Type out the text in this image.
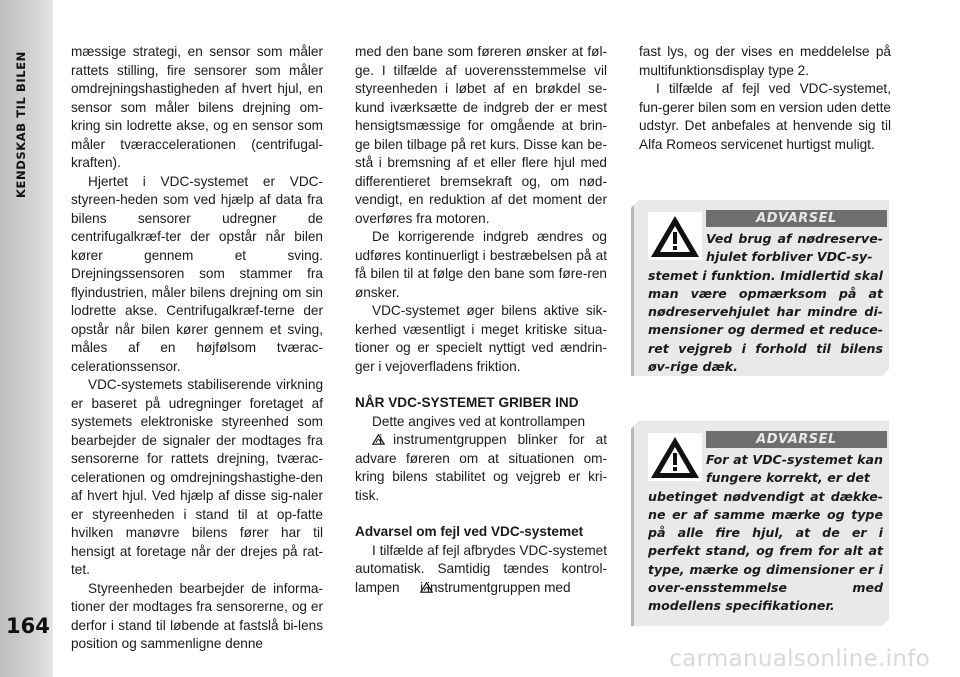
KENDSKAB TIL BILEN
164

mæssige strategi, en sensor som måler rattets stilling, fire sensorer som måler omdrejningshastigheden af hvert hjul, en sensor som måler bilens drejning om-kring sin lodrette akse, og en sensor som måler tværaccelerationen (centrifugal-kraften).

Hjertet i VDC-systemet er VDC-styreen-heden som ved hjælp af data fra bilens sensorer udregner de centrifugalkræf-ter der opstår når bilen kører gennem et sving. Drejningssensoren som stammer fra flyindustrien, måler bilens drejning om sin lodrette akse. Centrifugalkræf-terne der opstår når bilen kører gennem et sving, måles af en højfølsom tværac-celerationssensor.

VDC-systemets stabiliserende virkning er baseret på udregninger foretaget af systemets elektroniske styreenhed som bearbejder de signaler der modtages fra sensorerne for rattets drejning, tværac-celerationen og omdrejningshastighe-den af hvert hjul. Ved hjælp af disse sig-naler er styreenheden i stand til at op-fatte hvilken manøvre bilens fører har til hensigt at foretage når der drejes på rat-tet.

Styreenheden bearbejder de informa-tioner der modtages fra sensorerne, og er derfor i stand til løbende at fastslå bi-lens position og sammenligne denne

med den bane som føreren ønsker at føl-ge. I tilfælde af uoverensstemmelse vil styreenheden i løbet af en brøkdel se-kund iværksætte de indgreb der er mest hensigtsmæssige for omgående at brin-ge bilen tilbage på ret kurs. Disse kan be-stå i bremsning af et eller flere hjul med differentieret bremsekraft og, om nød-vendigt, en reduktion af det moment der overføres fra motoren.

De korrigerende indgreb ændres og udføres kontinuerligt i bestræbelsen på at få bilen til at følge den bane som føre-ren ønsker.

VDC-systemet øger bilens aktive sik-kerhed væsentligt i meget kritiske situa-tioner og er specielt nyttigt ved ændrin-ger i vejoverfladens friktion.

NÅR VDC-SYSTEMET GRIBER IND

Dette angives ved at kontrollampen
i instrumentgruppen blinker for at advare føreren om at situationen om-kring bilens stabilitet og vejgreb er kri-tisk.

Advarsel om fejl ved VDC-systemet

I tilfælde af fejl afbrydes VDC-systemet automatisk. Samtidig tændes kontrol-lampen  i instrumentgruppen med

fast lys, og der vises en meddelelse på multifunktionsdisplay type 2.

I tilfælde af fejl ved VDC-systemet, fun-gerer bilen som en version uden dette udstyr. Det anbefales at henvende sig til Alfa Romeos servicenet hurtigst muligt.

ADVARSEL
Ved brug af nødreserve-hjulet forbliver VDC-sy-
stemet i funktion. Imidlertid skal man være opmærksom på at nødreservehjulet har mindre di-mensioner og dermed et reduce-ret vejgreb i forhold til bilens øv-rige dæk.
ADVARSEL
For at VDC-systemet kan fungere korrekt, er det
ubetinget nødvendigt at dække-ne er af samme mærke og type på alle fire hjul, at de er i perfekt stand, og frem for alt at type, mærke og dimensioner er i over-ensstemmelse med modellens specifikationer.
carmanualsonline.info
